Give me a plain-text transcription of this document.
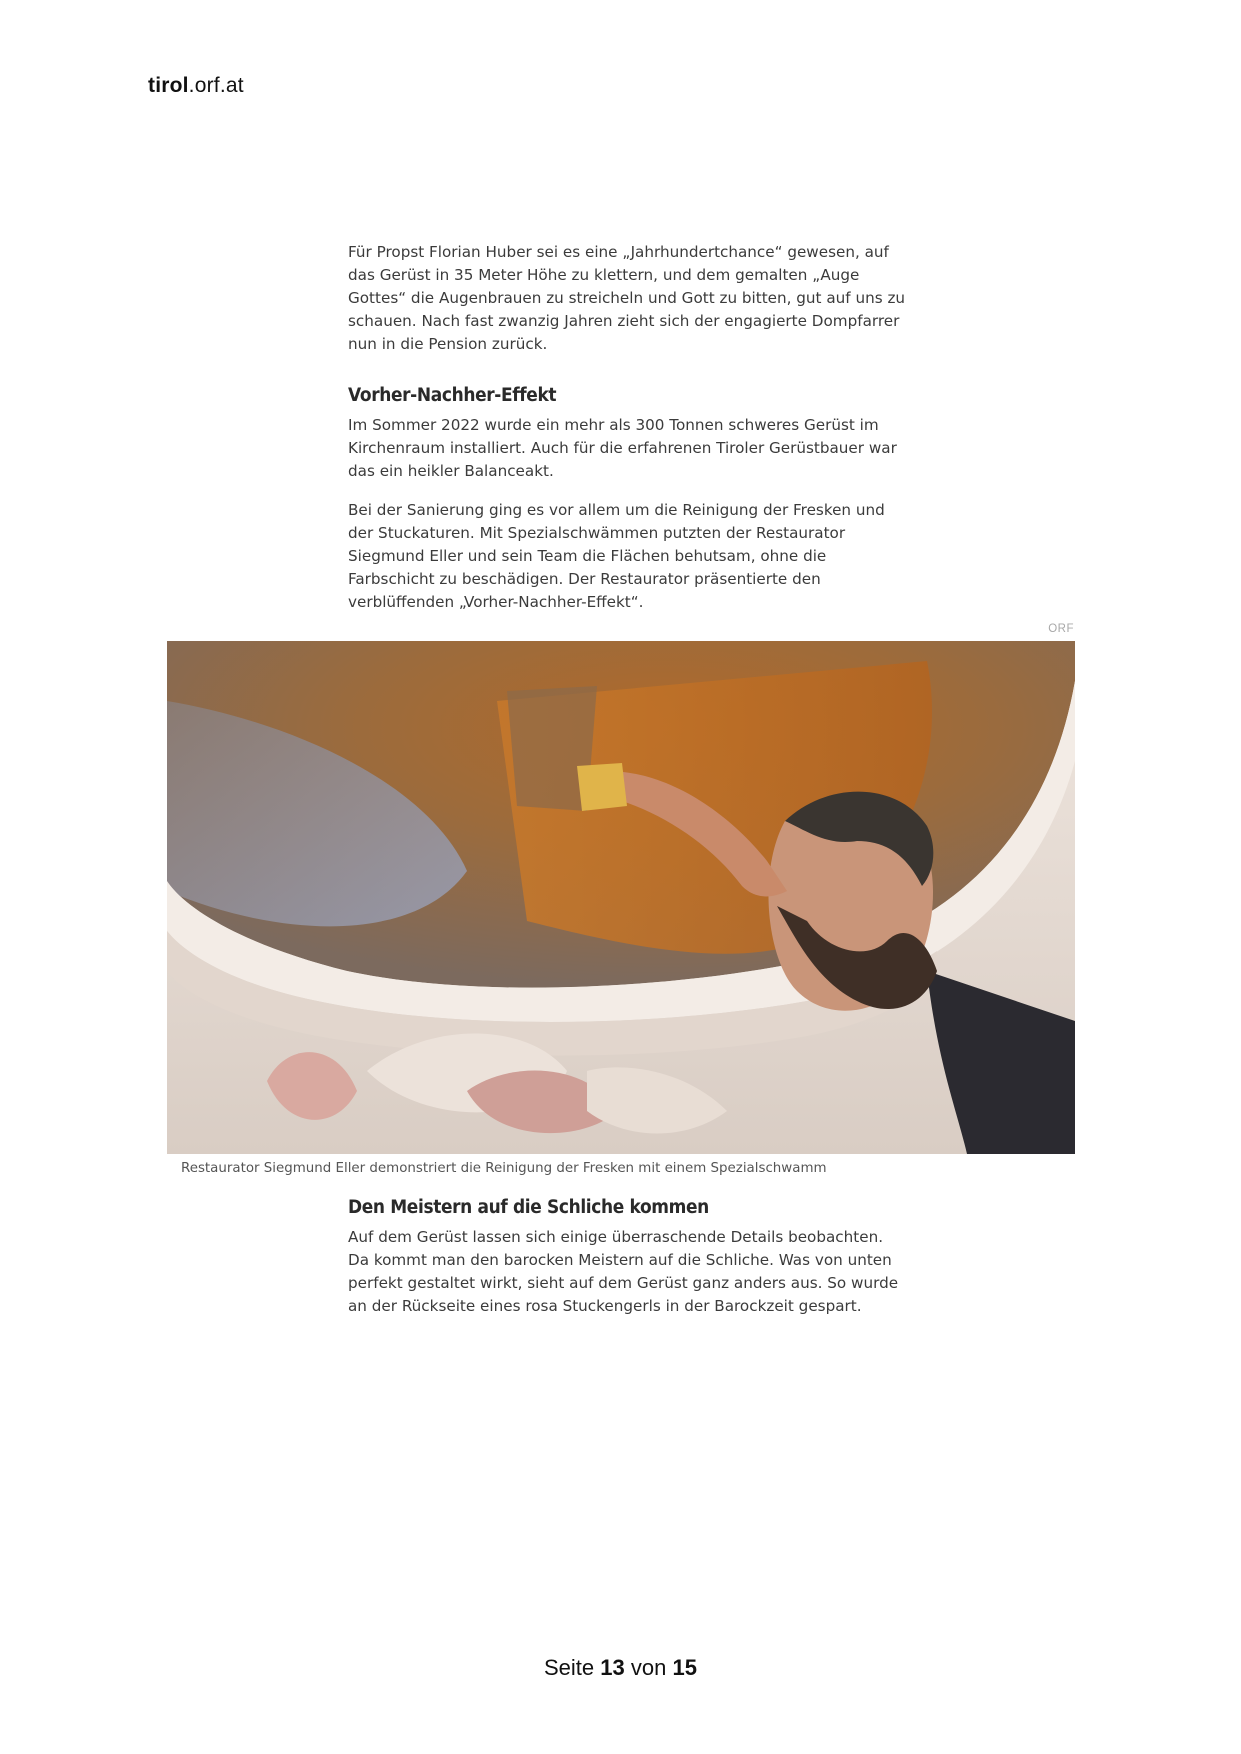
tirol.orf.at

Für Propst Florian Huber sei es eine „Jahrhundertchance“ gewesen, auf das Gerüst in 35 Meter Höhe zu klettern, und dem gemalten „Auge Gottes“ die Augenbrauen zu streicheln und Gott zu bitten, gut auf uns zu schauen. Nach fast zwanzig Jahren zieht sich der engagierte Dompfarrer nun in die Pension zurück.

Vorher-Nachher-Effekt

Im Sommer 2022 wurde ein mehr als 300 Tonnen schweres Gerüst im Kirchenraum installiert. Auch für die erfahrenen Tiroler Gerüstbauer war das ein heikler Balanceakt.

Bei der Sanierung ging es vor allem um die Reinigung der Fresken und der Stuckaturen. Mit Spezialschwämmen putzten der Restaurator Siegmund Eller und sein Team die Flächen behutsam, ohne die Farbschicht zu beschädigen. Der Restaurator präsentierte den verblüffenden „Vorher-Nachher-Effekt“.

ORF
Restaurator Siegmund Eller demonstriert die Reinigung der Fresken mit einem Spezialschwamm
Den Meistern auf die Schliche kommen

Auf dem Gerüst lassen sich einige überraschende Details beobachten. Da kommt man den barocken Meistern auf die Schliche. Was von unten perfekt gestaltet wirkt, sieht auf dem Gerüst ganz anders aus. So wurde an der Rückseite eines rosa Stuckengerls in der Barockzeit gespart.

Seite 13 von 15
